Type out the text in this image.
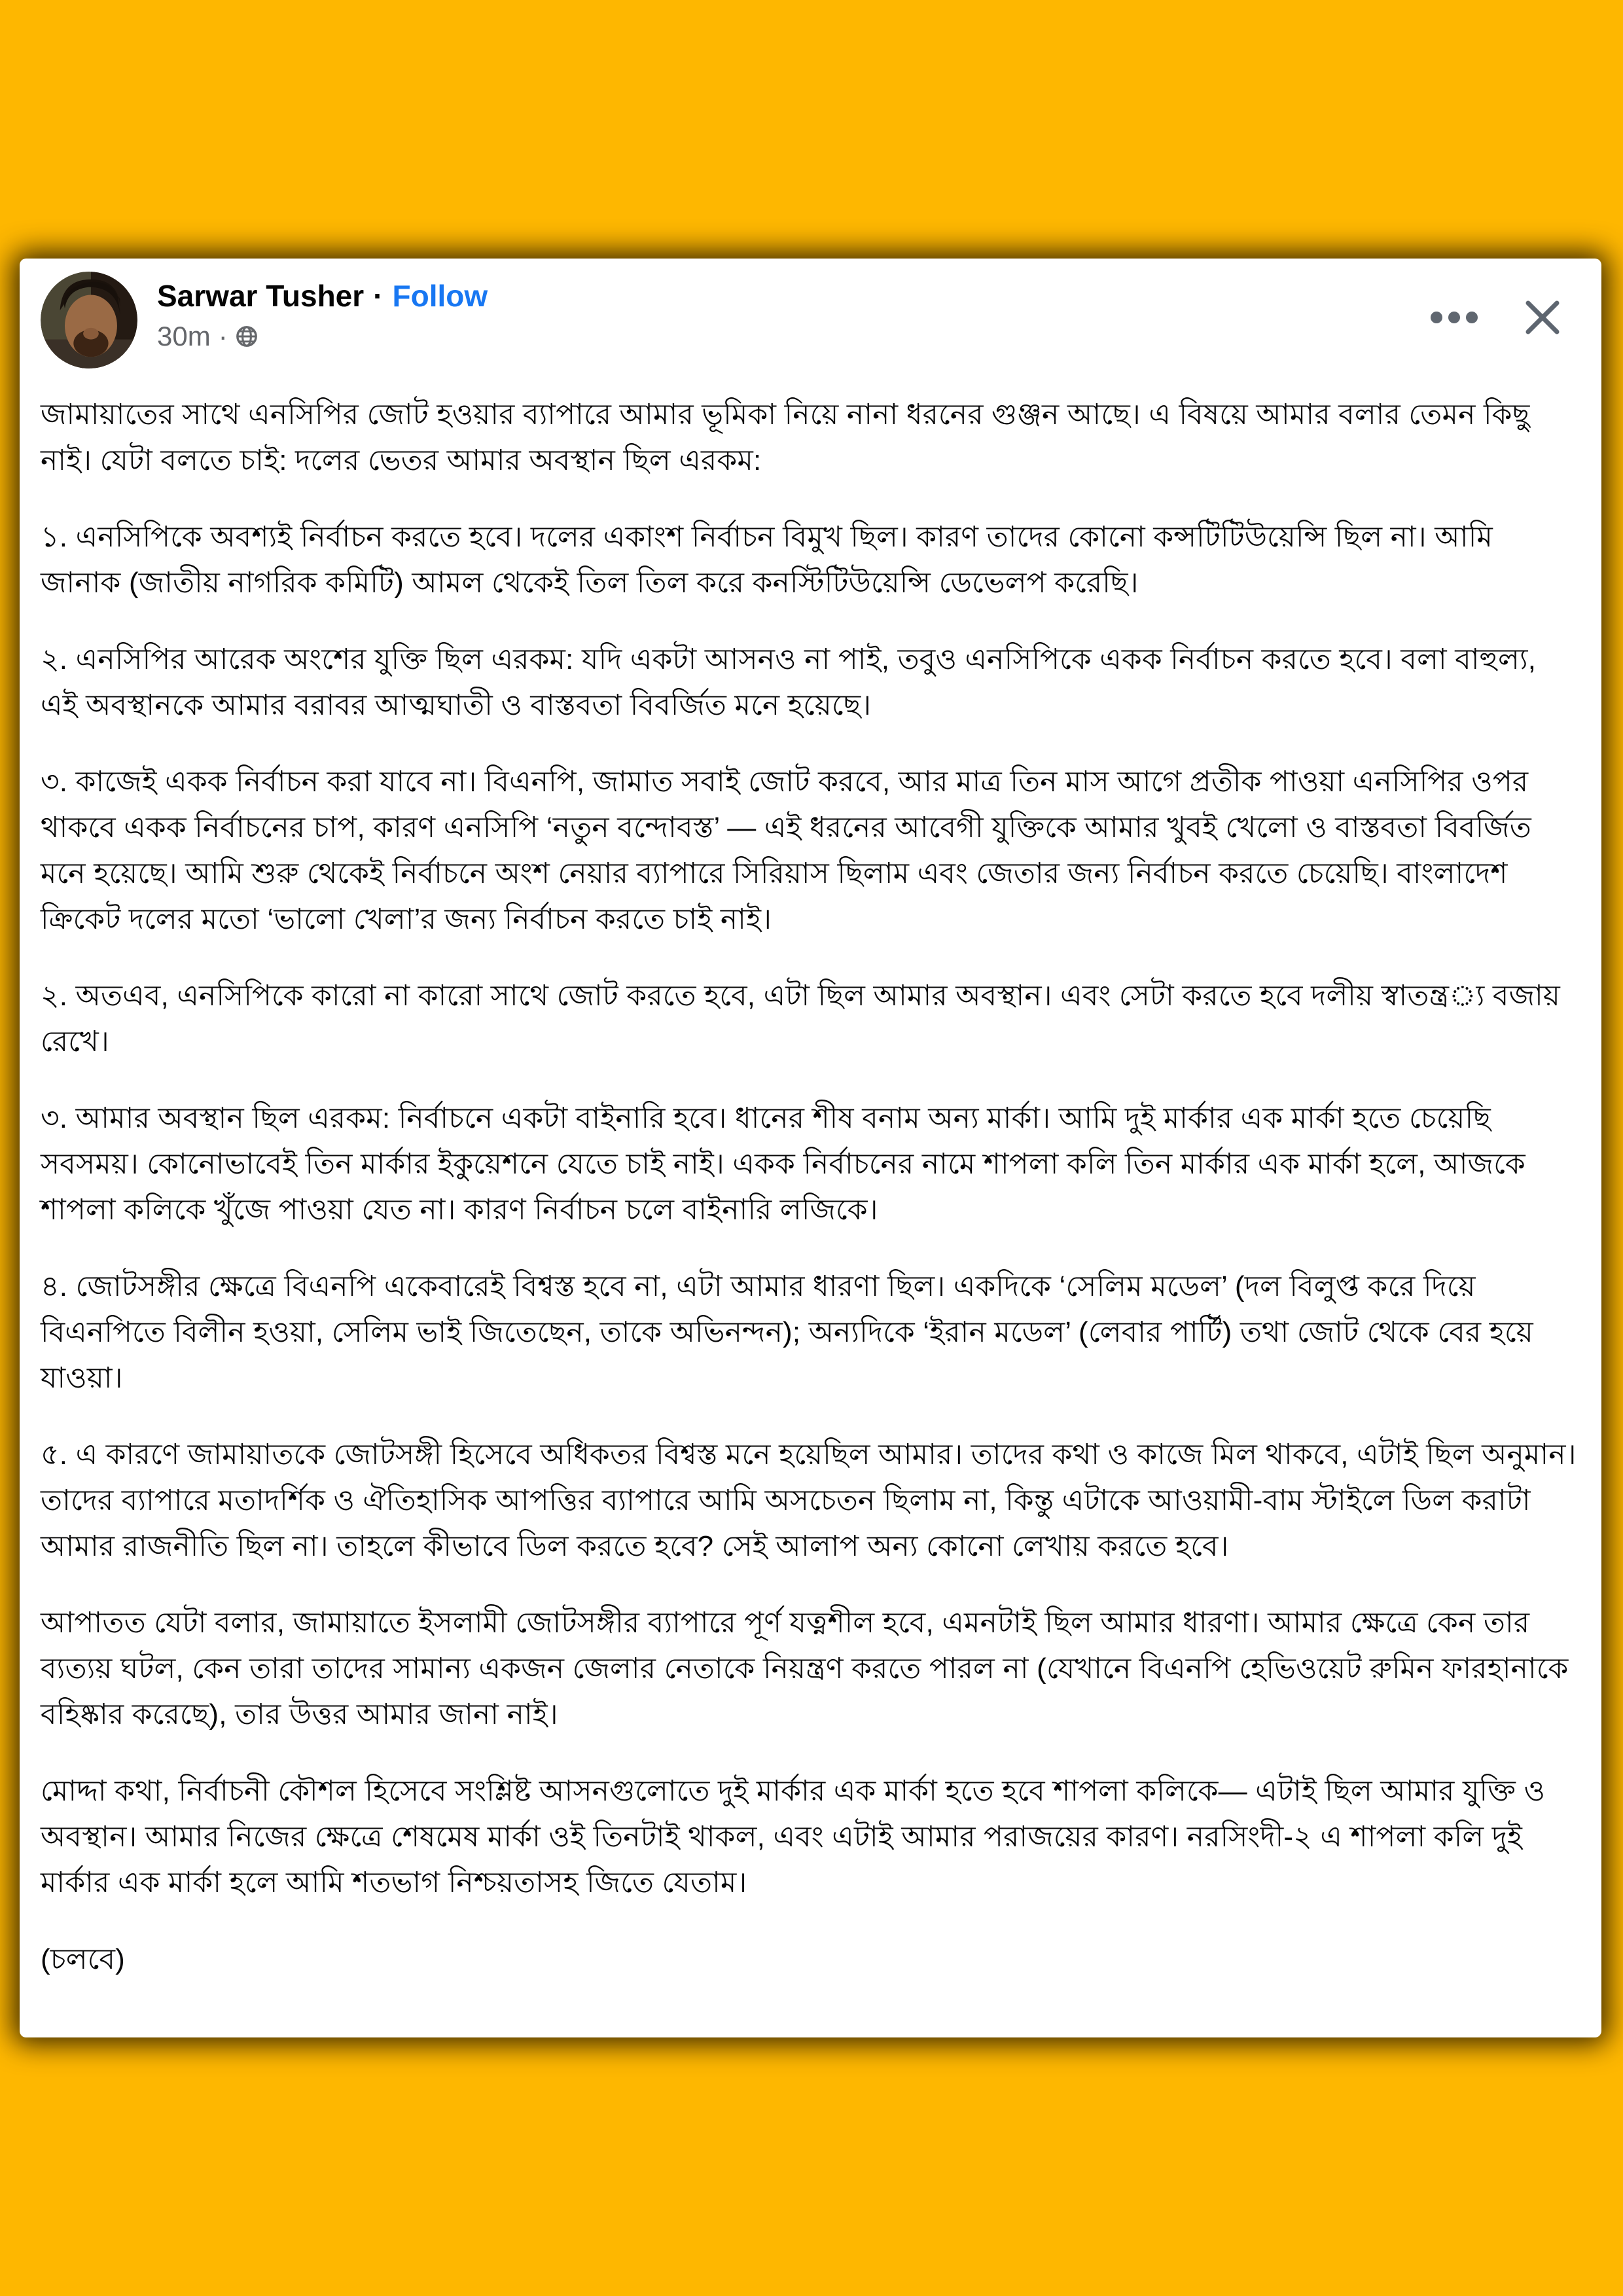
Sarwar Tusher · Follow
30m ·

জামায়াতের সাথে এনসিপির জোট হওয়ার ব্যাপারে আমার ভূমিকা নিয়ে নানা ধরনের গুঞ্জন আছে। এ বিষয়ে আমার বলার তেমন কিছু নাই। যেটা বলতে চাই: দলের ভেতর আমার অবস্থান ছিল এরকম:

১. এনসিপিকে অবশ্যই নির্বাচন করতে হবে। দলের একাংশ নির্বাচন বিমুখ ছিল। কারণ তাদের কোনো কন্সটিটিউয়েন্সি ছিল না। আমি জানাক (জাতীয় নাগরিক কমিটি) আমল থেকেই তিল তিল করে কনস্টিটিউয়েন্সি ডেভেলপ করেছি।

২. এনসিপির আরেক অংশের যুক্তি ছিল এরকম: যদি একটা আসনও না পাই, তবুও এনসিপিকে একক নির্বাচন করতে হবে। বলা বাহুল্য, এই অবস্থানকে আমার বরাবর আত্মঘাতী ও বাস্তবতা বিবর্জিত মনে হয়েছে।

৩. কাজেই একক নির্বাচন করা যাবে না। বিএনপি, জামাত সবাই জোট করবে, আর মাত্র তিন মাস আগে প্রতীক পাওয়া এনসিপির ওপর থাকবে একক নির্বাচনের চাপ, কারণ এনসিপি ‘নতুন বন্দোবস্ত’ — এই ধরনের আবেগী যুক্তিকে আমার খুবই খেলো ও বাস্তবতা বিবর্জিত মনে হয়েছে। আমি শুরু থেকেই নির্বাচনে অংশ নেয়ার ব্যাপারে সিরিয়াস ছিলাম এবং জেতার জন্য নির্বাচন করতে চেয়েছি। বাংলাদেশ ক্রিকেট দলের মতো ‘ভালো খেলা’র জন্য নির্বাচন করতে চাই নাই।

২. অতএব, এনসিপিকে কারো না কারো সাথে জোট করতে হবে, এটা ছিল আমার অবস্থান। এবং সেটা করতে হবে দলীয় স্বাতন্ত্র◌্য বজায় রেখে।

৩. আমার অবস্থান ছিল এরকম: নির্বাচনে একটা বাইনারি হবে। ধানের শীষ বনাম অন্য মার্কা। আমি দুই মার্কার এক মার্কা হতে চেয়েছি সবসময়। কোনোভাবেই তিন মার্কার ইকুয়েশনে যেতে চাই নাই। একক নির্বাচনের নামে শাপলা কলি তিন মার্কার এক মার্কা হলে, আজকে শাপলা কলিকে খুঁজে পাওয়া যেত না। কারণ নির্বাচন চলে বাইনারি লজিকে।

৪. জোটসঙ্গীর ক্ষেত্রে বিএনপি একেবারেই বিশ্বস্ত হবে না, এটা আমার ধারণা ছিল। একদিকে ‘সেলিম মডেল’ (দল বিলুপ্ত করে দিয়ে বিএনপিতে বিলীন হওয়া, সেলিম ভাই জিতেছেন, তাকে অভিনন্দন); অন্যদিকে ‘ইরান মডেল’ (লেবার পার্টি) তথা জোট থেকে বের হয়ে যাওয়া।

৫. এ কারণে জামায়াতকে জোটসঙ্গী হিসেবে অধিকতর বিশ্বস্ত মনে হয়েছিল আমার। তাদের কথা ও কাজে মিল থাকবে, এটাই ছিল অনুমান। তাদের ব্যাপারে মতাদর্শিক ও ঐতিহাসিক আপত্তির ব্যাপারে আমি অসচেতন ছিলাম না, কিন্তু এটাকে আওয়ামী-বাম স্টাইলে ডিল করাটা আমার রাজনীতি ছিল না। তাহলে কীভাবে ডিল করতে হবে? সেই আলাপ অন্য কোনো লেখায় করতে হবে।

আপাতত যেটা বলার, জামায়াতে ইসলামী জোটসঙ্গীর ব্যাপারে পূর্ণ যত্নশীল হবে, এমনটাই ছিল আমার ধারণা। আমার ক্ষেত্রে কেন তার ব্যত্যয় ঘটল, কেন তারা তাদের সামান্য একজন জেলার নেতাকে নিয়ন্ত্রণ করতে পারল না (যেখানে বিএনপি হেভিওয়েট রুমিন ফারহানাকে বহিষ্কার করেছে), তার উত্তর আমার জানা নাই।

মোদ্দা কথা, নির্বাচনী কৌশল হিসেবে সংশ্লিষ্ট আসনগুলোতে দুই মার্কার এক মার্কা হতে হবে শাপলা কলিকে— এটাই ছিল আমার যুক্তি ও অবস্থান। আমার নিজের ক্ষেত্রে শেষমেষ মার্কা ওই তিনটাই থাকল, এবং এটাই আমার পরাজয়ের কারণ। নরসিংদী-২ এ শাপলা কলি দুই মার্কার এক মার্কা হলে আমি শতভাগ নিশ্চয়তাসহ জিতে যেতাম।

(চলবে)
